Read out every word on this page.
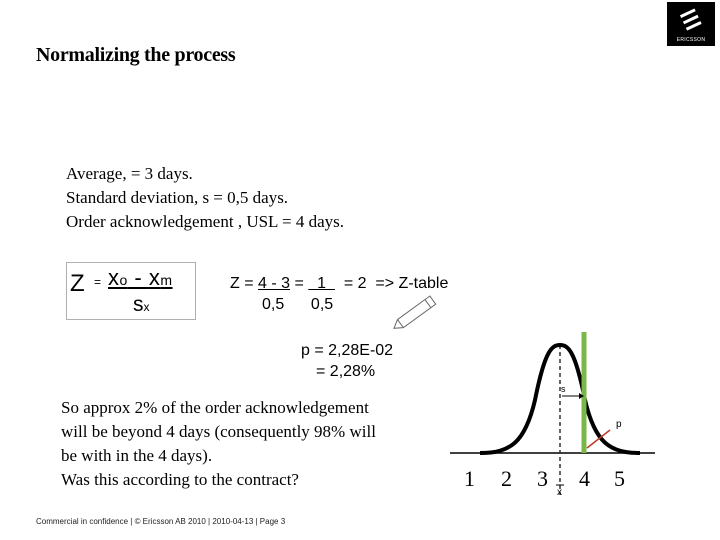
Normalizing the process
ERICSSON
Average, = 3 days.
Standard deviation, s = 0,5 days.
Order acknowledgement , USL = 4 days.
Z = xo - xm
sx
Z = 4 - 3 =   1    = 2  => Z-table
0,5 0,5
p = 2,28E-02
= 2,28%
So approx 2% of the order acknowledgement
will be beyond 4 days (consequently 98% will
be with in the 4 days).
Was this according to the contract?
s
p
x
1 2 3 4 5
Commercial in confidence | © Ericsson AB 2010 | 2010-04-13 | Page 3
